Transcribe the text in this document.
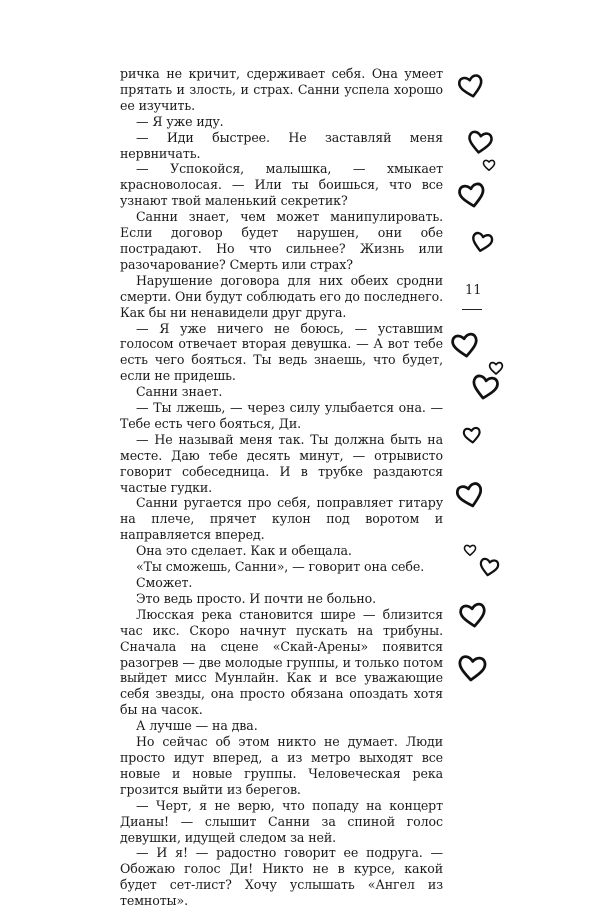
ричка не кричит, сдерживает себя. Она умеет прятать и злость, и страх. Санни успела хорошо ее изучить.

— Я уже иду.

— Иди быстрее. Не заставляй меня нервничать.

— Успокойся, малышка, — хмыкает красноволосая. — Или ты боишься, что все узнают твой маленький секретик?

Санни знает, чем может манипулировать. Если договор будет нарушен, они обе пострадают. Но что сильнее? Жизнь или разочарование? Смерть или страх?

Нарушение договора для них обеих сродни смерти. Они будут соблюдать его до последнего. Как бы ни ненавидели друг друга.

— Я уже ничего не боюсь, — уставшим голосом отвечает вторая девушка. — А вот тебе есть чего бояться. Ты ведь знаешь, что будет, если не придешь.

Санни знает.

— Ты лжешь, — через силу улыбается она. — Тебе есть чего бояться, Ди.

— Не называй меня так. Ты должна быть на месте. Даю тебе десять минут, — отрывисто говорит собеседница. И в трубке раздаются частые гудки.

Санни ругается про себя, поправляет гитару на плече, прячет кулон под воротом и направляется вперед.

Она это сделает. Как и обещала.

«Ты сможешь, Санни», — говорит она себе.

Сможет.

Это ведь просто. И почти не больно.

Люсская река становится шире — близится час икс. Скоро начнут пускать на трибуны. Сначала на сцене «Скай-Арены» появится разогрев — две молодые группы, и только потом выйдет мисс Мунлайн. Как и все уважающие себя звезды, она просто обязана опоздать хотя бы на часок.

А лучше — на два.

Но сейчас об этом никто не думает. Люди просто идут вперед, а из метро выходят все новые и новые группы. Человеческая река грозится выйти из берегов.

— Черт, я не верю, что попаду на концерт Дианы! — слышит Санни за спиной голос девушки, идущей следом за ней.

— И я! — радостно говорит ее подруга. — Обожаю голос Ди! Никто не в курсе, какой будет сет-лист? Хочу услышать «Ангел из темноты».

11
